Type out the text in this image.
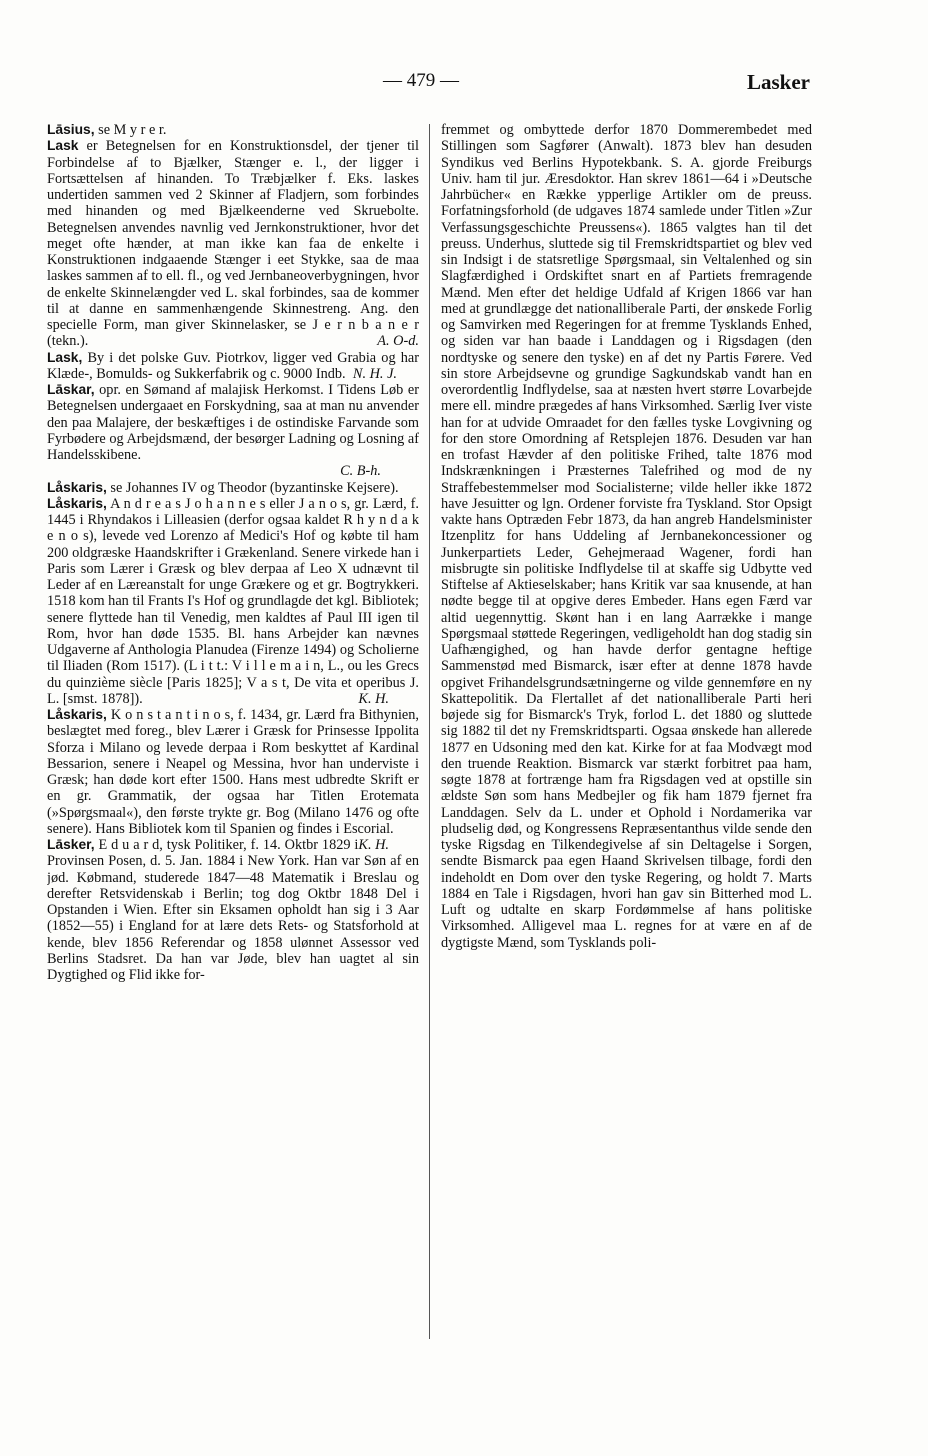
— 479 —	Lasker

Lāsius, se M y r e r.

Lask er Betegnelsen for en Konstruktionsdel, der tjener til Forbindelse af to Bjælker, Stænger e. l., der ligger i Fortsættelsen af hinanden. To Træbjælker f. Eks. laskes undertiden sammen ved 2 Skinner af Fladjern, som forbindes med hinanden og med Bjælkeenderne ved Skruebolte. Betegnelsen anvendes navnlig ved Jernkonstruktioner, hvor det meget ofte hænder, at man ikke kan faa de enkelte i Konstruktionen indgaaende Stænger i eet Stykke, saa de maa laskes sammen af to ell. fl., og ved Jernbaneoverbygningen, hvor de enkelte Skinnelængder ved L. skal forbindes, saa de kommer til at danne en sammenhængende Skinnestreng. Ang. den specielle Form, man giver Skinnelasker, se J e r n b a n e r (tekn.).	A. O-d.

Lask, By i det polske Guv. Piotrkov, ligger ved Grabia og har Klæde-, Bomulds- og Sukkerfabrik og c. 9000 Indb. N. H. J.

Lāskar, opr. en Sømand af malajisk Herkomst. I Tidens Løb er Betegnelsen undergaaet en Forskydning, saa at man nu anvender den paa Malajere, der beskæftiges i de ostindiske Farvande som Fyrbødere og Arbejdsmænd, der besørger Ladning og Losning af Handelsskibene.
C. B-h.

Låskaris, se Johannes IV og Theodor (byzantinske Kejsere).

Låskaris, A n d r e a s J o h a n n e s eller J a n o s, gr. Lærd, f. 1445 i Rhyndakos i Lilleasien (derfor ogsaa kaldet R h y n d a k e n o s), levede ved Lorenzo af Medici's Hof og købte til ham 200 oldgræske Haandskrifter i Grækenland. Senere virkede han i Paris som Lærer i Græsk og blev derpaa af Leo X udnævnt til Leder af en Læreanstalt for unge Grækere og et gr. Bogtrykkeri. 1518 kom han til Frants I's Hof og grundlagde det kgl. Bibliotek; senere flyttede han til Venedig, men kaldtes af Paul III igen til Rom, hvor han døde 1535. Bl. hans Arbejder kan nævnes Udgaverne af Anthologia Planudea (Firenze 1494) og Scholierne til Iliaden (Rom 1517). (L i t t.: V i l l e m a i n, L., ou les Grecs du quinzième siècle [Paris 1825]; V a s t, De vita et operibus J. L. [smst. 1878]).	K. H.

Låskaris, K o n s t a n t i n o s, f. 1434, gr. Lærd fra Bithynien, beslægtet med foreg., blev Lærer i Græsk for Prinsesse Ippolita Sforza i Milano og levede derpaa i Rom beskyttet af Kardinal Bessarion, senere i Neapel og Messina, hvor han underviste i Græsk; han døde kort efter 1500. Hans mest udbredte Skrift er en gr. Grammatik, der ogsaa har Titlen Erotemata (»Spørgsmaal«), den første trykte gr. Bog (Milano 1476 og ofte senere). Hans Bibliotek kom til Spanien og findes i Escorial.
K. H.

Lāsker, E d u a r d, tysk Politiker, f. 14. Oktbr 1829 i Provinsen Posen, d. 5. Jan. 1884 i New York. Han var Søn af en jød. Købmand, studerede 1847—48 Matematik i Breslau og derefter Retsvidenskab i Berlin; tog dog Oktbr 1848 Del i Opstanden i Wien. Efter sin Eksamen opholdt han sig i 3 Aar (1852—55) i England for at lære dets Rets- og Statsforhold at kende, blev 1856 Referendar og 1858 ulønnet Assessor ved Berlins Stadsret. Da han var Jøde, blev han uagtet al sin Dygtighed og Flid ikke for-

fremmet og ombyttede derfor 1870 Dommerembedet med Stillingen som Sagfører (Anwalt). 1873 blev han desuden Syndikus ved Berlins Hypotekbank. S. A. gjorde Freiburgs Univ. ham til jur. Æresdoktor. Han skrev 1861—64 i »Deutsche Jahrbücher« en Række ypperlige Artikler om de preuss. Forfatningsforhold (de udgaves 1874 samlede under Titlen »Zur Verfassungsgeschichte Preussens«). 1865 valgtes han til det preuss. Underhus, sluttede sig til Fremskridtspartiet og blev ved sin Indsigt i de statsretlige Spørgsmaal, sin Veltalenhed og sin Slagfærdighed i Ordskiftet snart en af Partiets fremragende Mænd. Men efter det heldige Udfald af Krigen 1866 var han med at grundlægge det nationalliberale Parti, der ønskede Forlig og Samvirken med Regeringen for at fremme Tysklands Enhed, og siden var han baade i Landdagen og i Rigsdagen (den nordtyske og senere den tyske) en af det ny Partis Førere. Ved sin store Arbejdsevne og grundige Sagkundskab vandt han en overordentlig Indflydelse, saa at næsten hvert større Lovarbejde mere ell. mindre prægedes af hans Virksomhed. Særlig Iver viste han for at udvide Omraadet for den fælles tyske Lovgivning og for den store Omordning af Retsplejen 1876. Desuden var han en trofast Hævder af den politiske Frihed, talte 1876 mod Indskrænkningen i Præsternes Talefrihed og mod de ny Straffebestemmelser mod Socialisterne; vilde heller ikke 1872 have Jesuitter og lgn. Ordener forviste fra Tyskland. Stor Opsigt vakte hans Optræden Febr 1873, da han angreb Handelsminister Itzenplitz for hans Uddeling af Jernbanekoncessioner og Junkerpartiets Leder, Gehejmeraad Wagener, fordi han misbrugte sin politiske Indflydelse til at skaffe sig Udbytte ved Stiftelse af Aktieselskaber; hans Kritik var saa knusende, at han nødte begge til at opgive deres Embeder. Hans egen Færd var altid uegennyttig. Skønt han i en lang Aarrække i mange Spørgsmaal støttede Regeringen, vedligeholdt han dog stadig sin Uafhængighed, og han havde derfor gentagne heftige Sammenstød med Bismarck, især efter at denne 1878 havde opgivet Frihandelsgrundsætningerne og vilde gennemføre en ny Skattepolitik. Da Flertallet af det nationalliberale Parti heri bøjede sig for Bismarck's Tryk, forlod L. det 1880 og sluttede sig 1882 til det ny Fremskridtsparti. Ogsaa ønskede han allerede 1877 en Udsoning med den kat. Kirke for at faa Modvægt mod den truende Reaktion. Bismarck var stærkt forbitret paa ham, søgte 1878 at fortrænge ham fra Rigsdagen ved at opstille sin ældste Søn som hans Medbejler og fik ham 1879 fjernet fra Landdagen. Selv da L. under et Ophold i Nordamerika var pludselig død, og Kongressens Repræsentanthus vilde sende den tyske Rigsdag en Tilkendegivelse af sin Deltagelse i Sorgen, sendte Bismarck paa egen Haand Skrivelsen tilbage, fordi den indeholdt en Dom over den tyske Regering, og holdt 7. Marts 1884 en Tale i Rigsdagen, hvori han gav sin Bitterhed mod L. Luft og udtalte en skarp Fordømmelse af hans politiske Virksomhed. Alligevel maa L. regnes for at være en af de dygtigste Mænd, som Tysklands poli-
